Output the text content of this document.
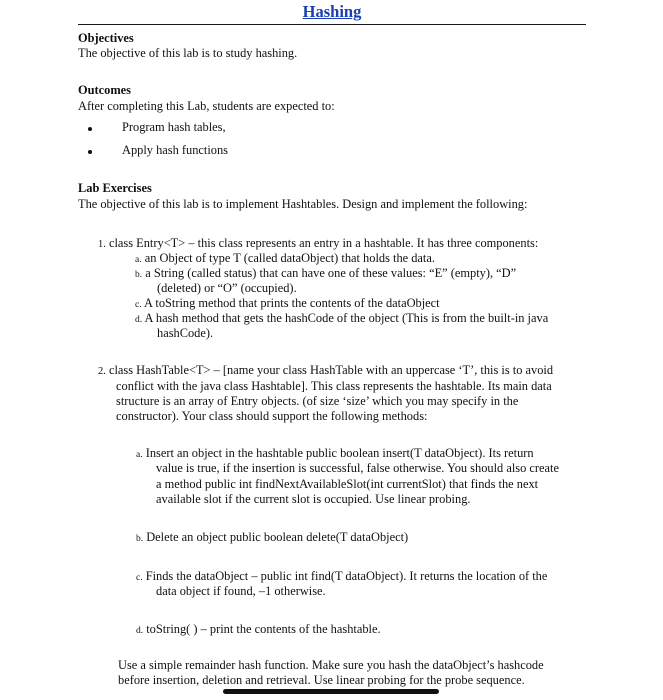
Hashing
Objectives
The objective of this lab is to study hashing.
Outcomes
After completing this Lab, students are expected to:
Program hash tables,
Apply hash functions
Lab Exercises
The objective of this lab is to implement Hashtables. Design and implement the following:
1. class Entry<T> – this class represents an entry in a hashtable. It has three components:
a. an Object of type T (called dataObject) that holds the data.
b. a String (called status) that can have one of these values: “E” (empty), “D”
(deleted) or “O” (occupied).
c. A toString method that prints the contents of the dataObject
d. A hash method that gets the hashCode of the object (This is from the built-in java
hashCode).
2. class HashTable<T> – [name your class HashTable with an uppercase ‘T’, this is to avoid
conflict with the java class Hashtable]. This class represents the hashtable. Its main data
structure is an array of Entry objects. (of size ‘size’ which you may specify in the
constructor). Your class should support the following methods:
a. Insert an object in the hashtable public boolean insert(T dataObject). Its return
value is true, if the insertion is successful, false otherwise. You should also create
a method public int findNextAvailableSlot(int currentSlot) that finds the next
available slot if the current slot is occupied. Use linear probing.
b. Delete an object public boolean delete(T dataObject)
c. Finds the dataObject – public int find(T dataObject). It returns the location of the
data object if found, –1 otherwise.
d. toString( ) – print the contents of the hashtable.
Use a simple remainder hash function. Make sure you hash the dataObject’s hashcode
before insertion, deletion and retrieval. Use linear probing for the probe sequence.
